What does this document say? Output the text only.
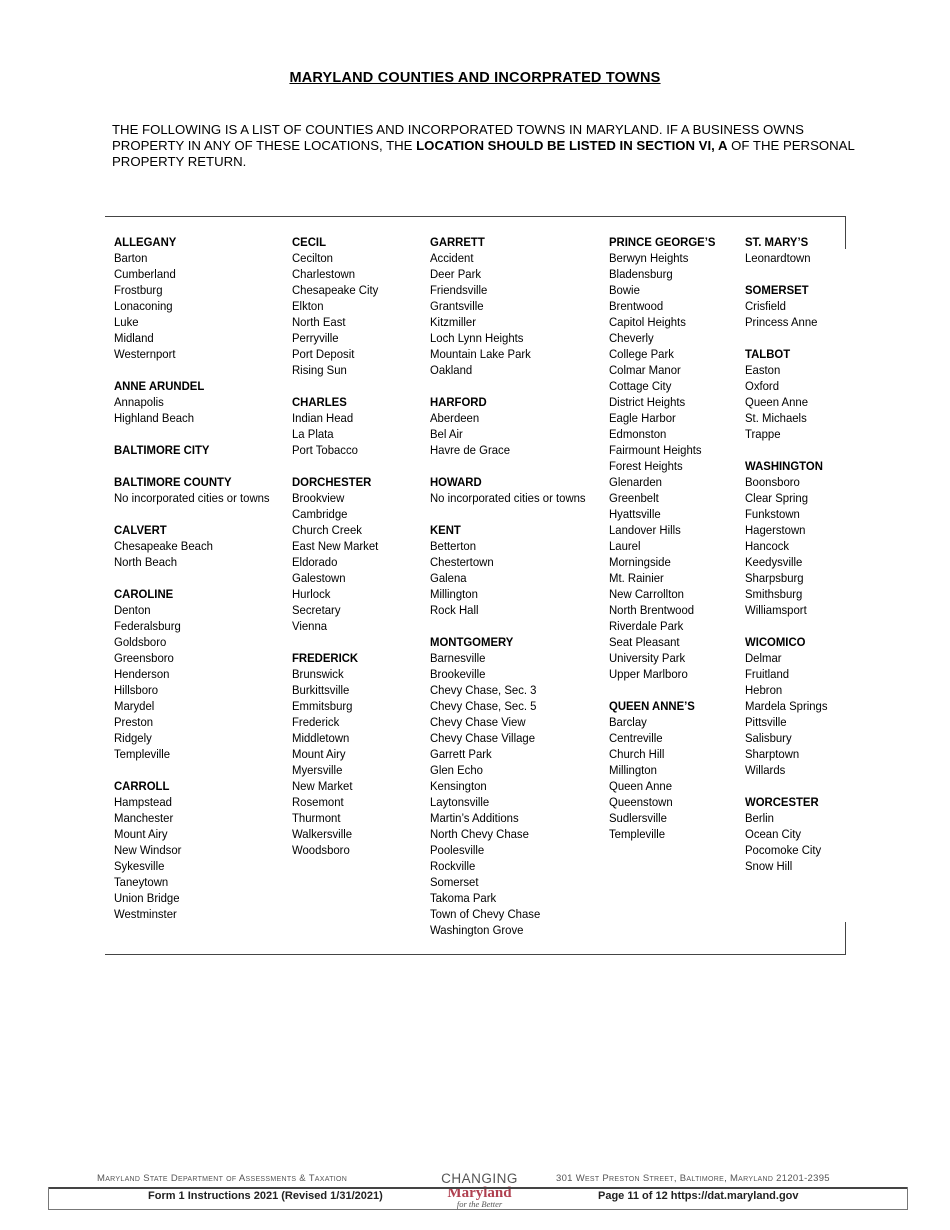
MARYLAND COUNTIES AND INCORPRATED TOWNS
THE FOLLOWING IS A LIST OF COUNTIES AND INCORPORATED TOWNS IN MARYLAND. IF A BUSINESS OWNS PROPERTY IN ANY OF THESE LOCATIONS, THE LOCATION SHOULD BE LISTED IN SECTION VI, A OF THE PERSONAL PROPERTY RETURN.
ALLEGANY
Barton
Cumberland
Frostburg
Lonaconing
Luke
Midland
Westernport
ANNE ARUNDEL
Annapolis
Highland Beach
BALTIMORE CITY
BALTIMORE COUNTY
No incorporated cities or towns
CALVERT
Chesapeake Beach
North Beach
CAROLINE
Denton
Federalsburg
Goldsboro
Greensboro
Henderson
Hillsboro
Marydel
Preston
Ridgely
Templeville
CARROLL
Hampstead
Manchester
Mount Airy
New Windsor
Sykesville
Taneytown
Union Bridge
Westminster
CECIL
Cecilton
Charlestown
Chesapeake City
Elkton
North East
Perryville
Port Deposit
Rising Sun
CHARLES
Indian Head
La Plata
Port Tobacco
DORCHESTER
Brookview
Cambridge
Church Creek
East New Market
Eldorado
Galestown
Hurlock
Secretary
Vienna
FREDERICK
Brunswick
Burkittsville
Emmitsburg
Frederick
Middletown
Mount Airy
Myersville
New Market
Rosemont
Thurmont
Walkersville
Woodsboro
GARRETT
Accident
Deer Park
Friendsville
Grantsville
Kitzmiller
Loch Lynn Heights
Mountain Lake Park
Oakland
HARFORD
Aberdeen
Bel Air
Havre de Grace
HOWARD
No incorporated cities or towns
KENT
Betterton
Chestertown
Galena
Millington
Rock Hall
MONTGOMERY
Barnesville
Brookeville
Chevy Chase, Sec. 3
Chevy Chase, Sec. 5
Chevy Chase View
Chevy Chase Village
Garrett Park
Glen Echo
Kensington
Laytonsville
Martin’s Additions
North Chevy Chase
Poolesville
Rockville
Somerset
Takoma Park
Town of Chevy Chase
Washington Grove
PRINCE GEORGE’S
Berwyn Heights
Bladensburg
Bowie
Brentwood
Capitol Heights
Cheverly
College Park
Colmar Manor
Cottage City
District Heights
Eagle Harbor
Edmonston
Fairmount Heights
Forest Heights
Glenarden
Greenbelt
Hyattsville
Landover Hills
Laurel
Morningside
Mt. Rainier
New Carrollton
North Brentwood
Riverdale Park
Seat Pleasant
University Park
Upper Marlboro
QUEEN ANNE’S
Barclay
Centreville
Church Hill
Millington
Queen Anne
Queenstown
Sudlersville
Templeville
ST. MARY’S
Leonardtown
SOMERSET
Crisfield
Princess Anne
TALBOT
Easton
Oxford
Queen Anne
St. Michaels
Trappe
WASHINGTON
Boonsboro
Clear Spring
Funkstown
Hagerstown
Hancock
Keedysville
Sharpsburg
Smithsburg
Williamsport
WICOMICO
Delmar
Fruitland
Hebron
Mardela Springs
Pittsville
Salisbury
Sharptown
Willards
WORCESTER
Berlin
Ocean City
Pocomoke City
Snow Hill
Maryland State Department of Assessments & Taxation	CHANGING
Maryland
for the Better
301 West Preston Street, Baltimore, Maryland 21201-2395
Form 1 Instructions 2021 (Revised 1/31/2021)	Page 11 of 12 https://dat.maryland.gov
